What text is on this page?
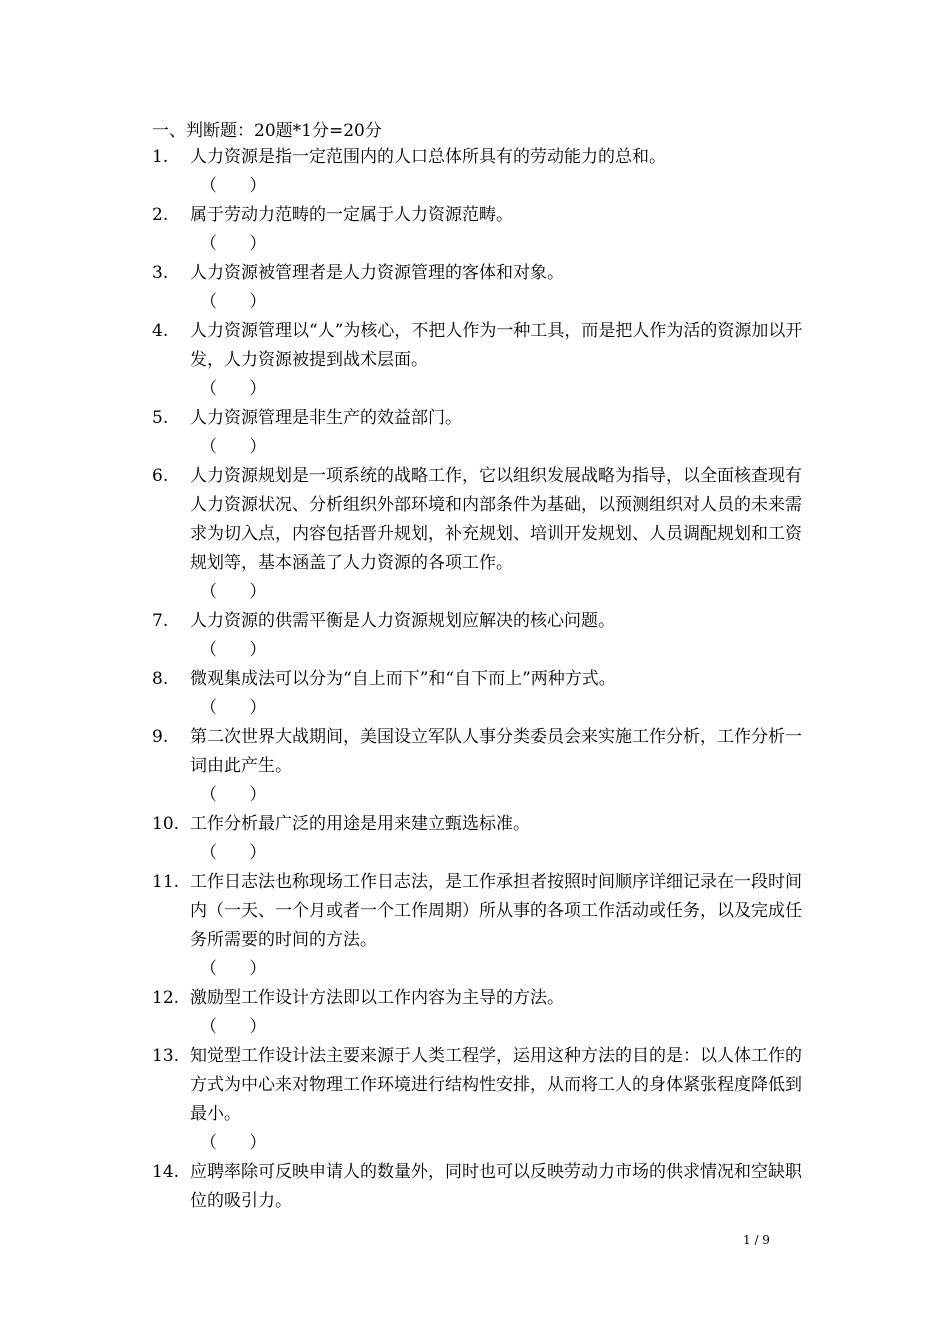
一、判断题：20题*1分=20分
1. 人力资源是指一定范围内的人口总体所具有的劳动能力的总和。
（      ）
2. 属于劳动力范畴的一定属于人力资源范畴。
（      ）
3. 人力资源被管理者是人力资源管理的客体和对象。
（      ）
4. 人力资源管理以“人”为核心，不把人作为一种工具，而是把人作为活的资源加以开发，人力资源被提到战术层面。
（      ）
5. 人力资源管理是非生产的效益部门。
（      ）
6. 人力资源规划是一项系统的战略工作，它以组织发展战略为指导，以全面核查现有人力资源状况、分析组织外部环境和内部条件为基础，以预测组织对人员的未来需求为切入点，内容包括晋升规划，补充规划、培训开发规划、人员调配规划和工资规划等，基本涵盖了人力资源的各项工作。
（      ）
7. 人力资源的供需平衡是人力资源规划应解决的核心问题。
（      ）
8. 微观集成法可以分为“自上而下”和“自下而上”两种方式。
（      ）
9. 第二次世界大战期间，美国设立军队人事分类委员会来实施工作分析，工作分析一词由此产生。
（      ）
10. 工作分析最广泛的用途是用来建立甄选标准。
（      ）
11. 工作日志法也称现场工作日志法，是工作承担者按照时间顺序详细记录在一段时间内（一天、一个月或者一个工作周期）所从事的各项工作活动或任务，以及完成任务所需要的时间的方法。
（      ）
12. 激励型工作设计方法即以工作内容为主导的方法。
（      ）
13. 知觉型工作设计法主要来源于人类工程学，运用这种方法的目的是：以人体工作的方式为中心来对物理工作环境进行结构性安排，从而将工人的身体紧张程度降低到最小。
（      ）
14. 应聘率除可反映申请人的数量外，同时也可以反映劳动力市场的供求情况和空缺职位的吸引力。
1 / 9
